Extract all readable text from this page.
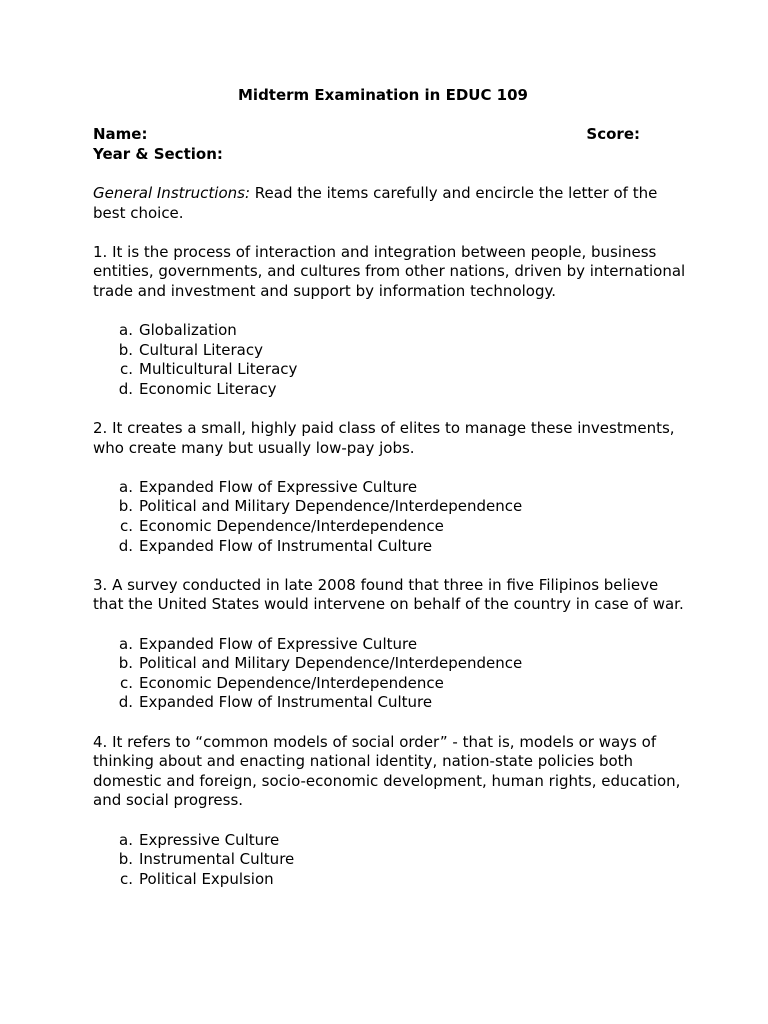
Midterm Examination in EDUC 109
Name:	Score:
Year & Section:
General Instructions: Read the items carefully and encircle the letter of the best choice.

1. It is the process of interaction and integration between people, business entities, governments, and cultures from other nations, driven by international trade and investment and support by information technology.

a. Globalization
b. Cultural Literacy
c. Multicultural Literacy
d. Economic Literacy

2. It creates a small, highly paid class of elites to manage these investments, who create many but usually low-pay jobs.

a. Expanded Flow of Expressive Culture
b. Political and Military Dependence/Interdependence
c. Economic Dependence/Interdependence
d. Expanded Flow of Instrumental Culture

3. A survey conducted in late 2008 found that three in five Filipinos believe that the United States would intervene on behalf of the country in case of war.

a. Expanded Flow of Expressive Culture
b. Political and Military Dependence/Interdependence
c. Economic Dependence/Interdependence
d. Expanded Flow of Instrumental Culture

4. It refers to “common models of social order” - that is, models or ways of thinking about and enacting national identity, nation-state policies both domestic and foreign, socio-economic development, human rights, education, and social progress.

a. Expressive Culture
b. Instrumental Culture
c. Political Expulsion
